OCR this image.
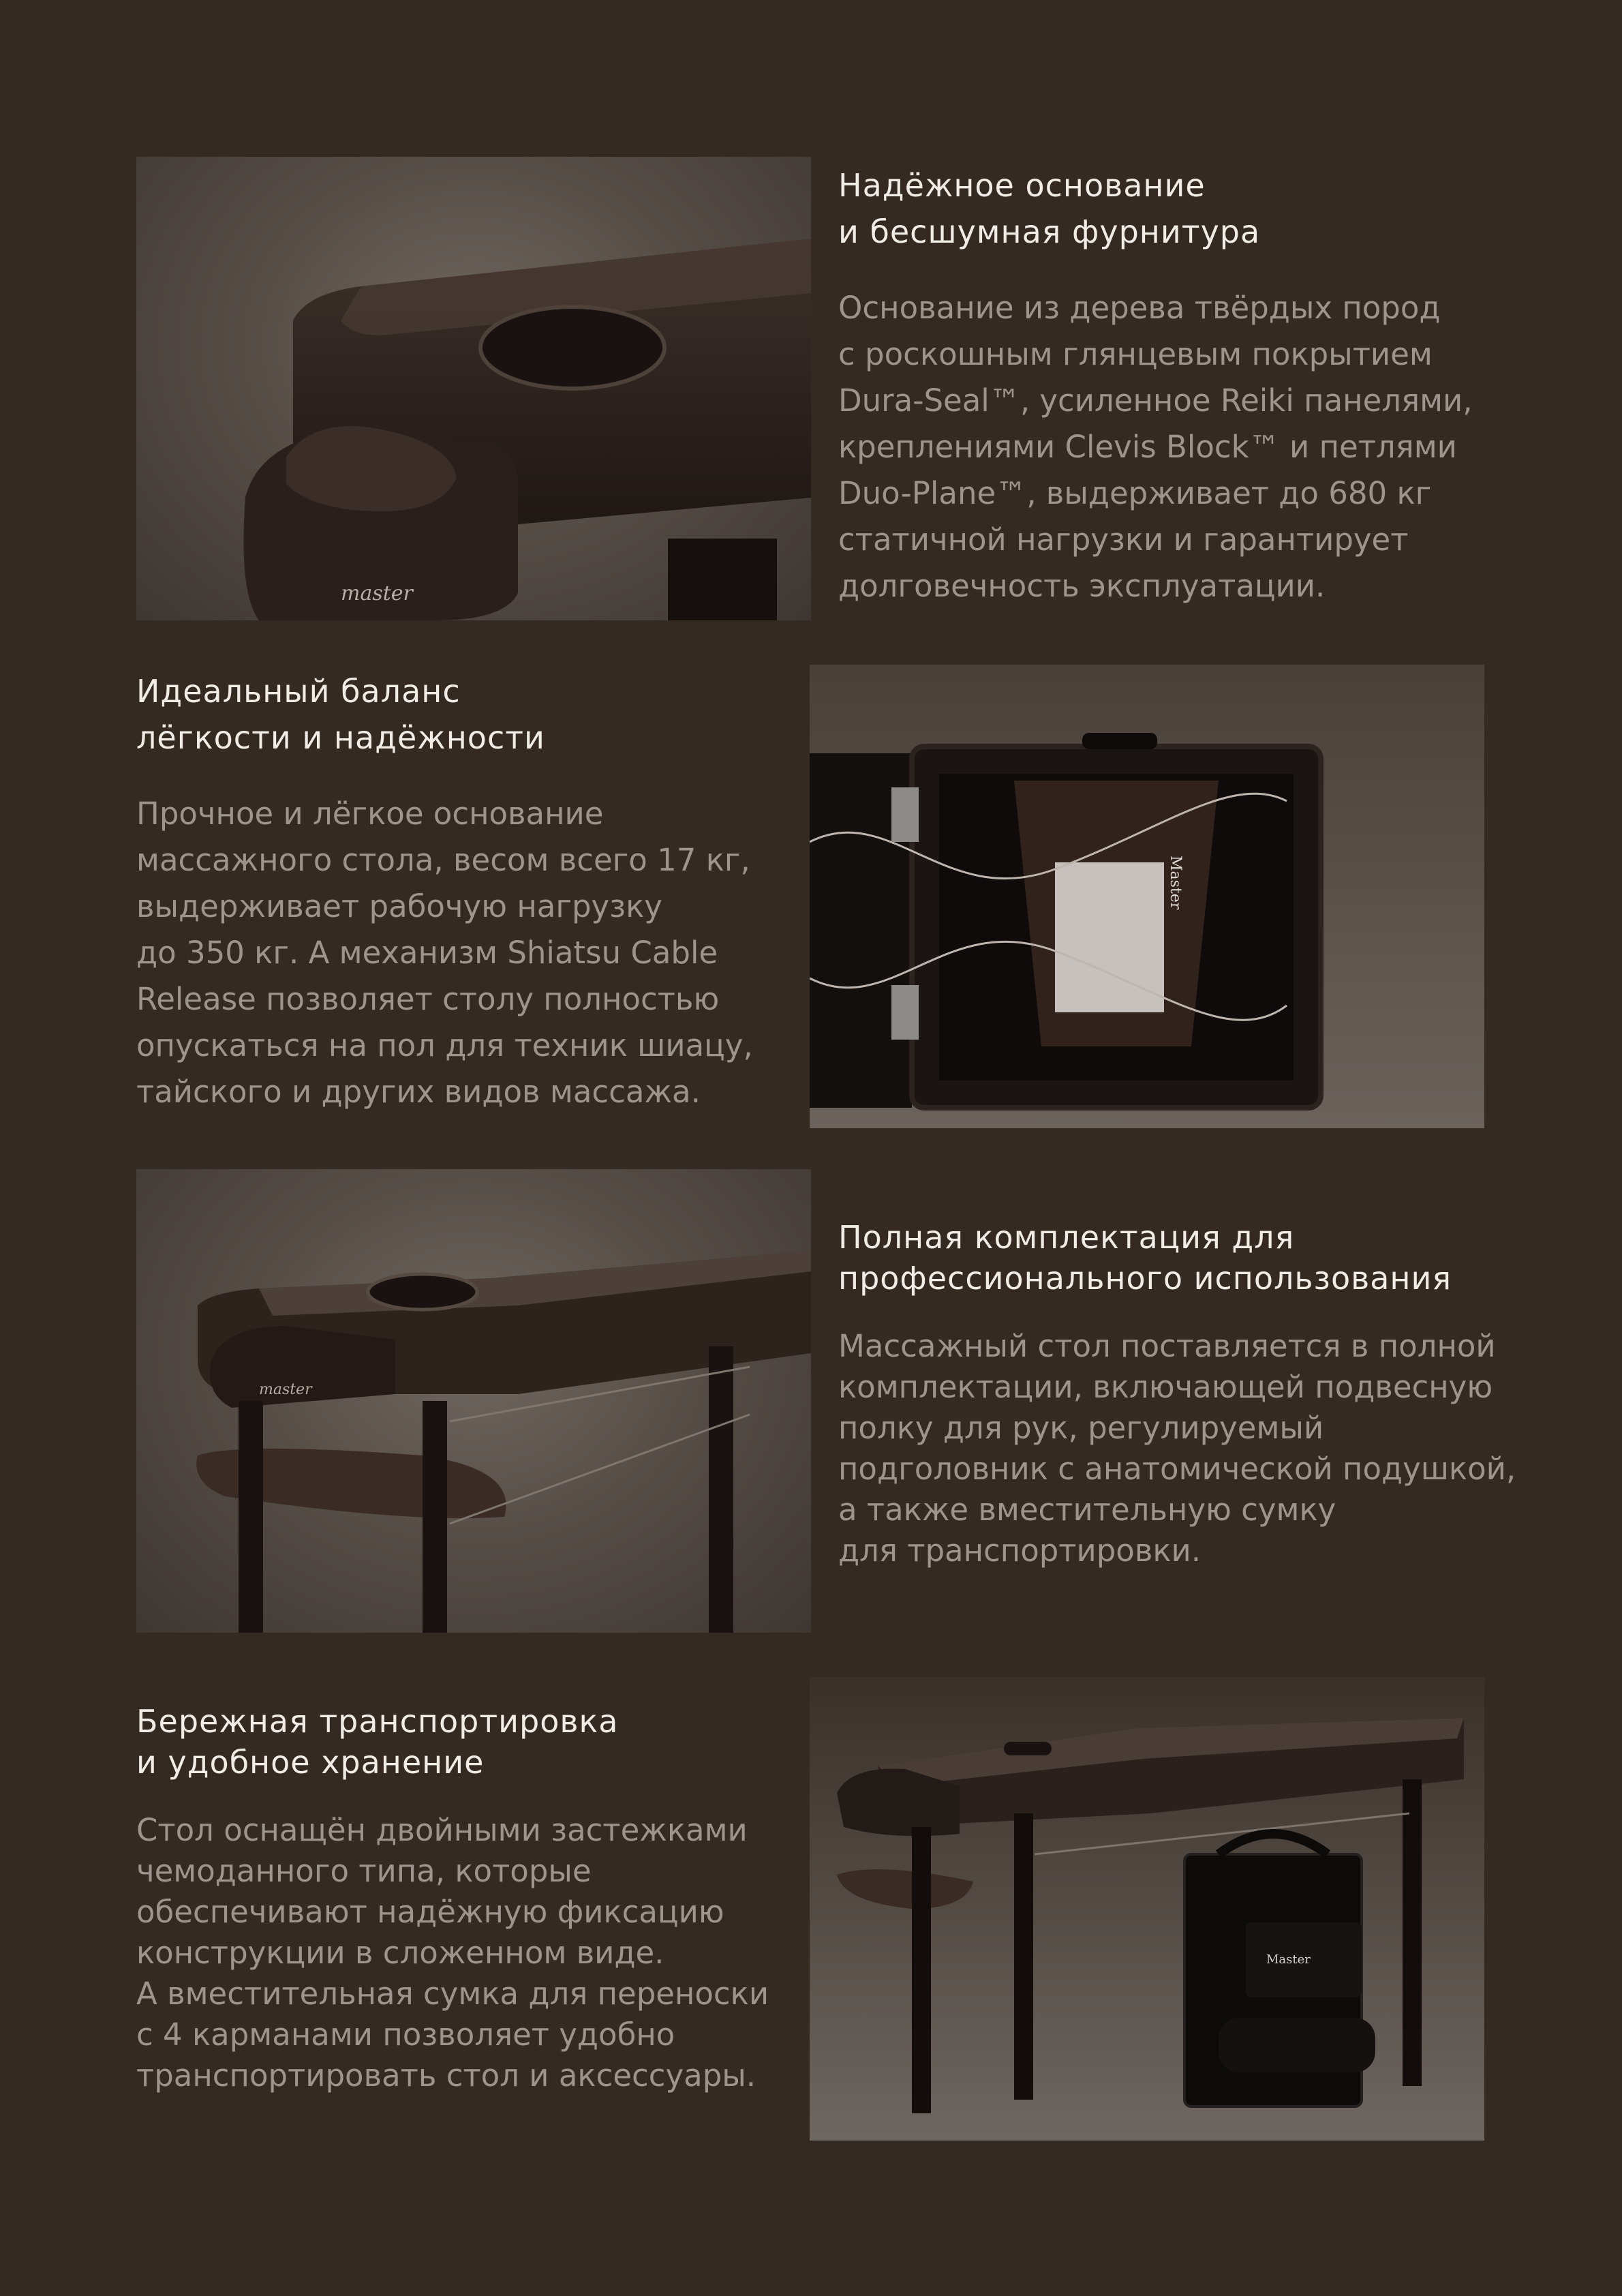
master
Надёжное основание
и бесшумная фурнитура

Основание из дерева твёрдых пород
с роскошным глянцевым покрытием
Dura-Seal™, усиленное Reiki панелями,
креплениями Clevis Block™ и петлями
Duo-Plane™, выдерживает до 680 кг
статичной нагрузки и гарантирует
долговечность эксплуатации.

Идеальный баланс
лёгкости и надёжности

Прочное и лёгкое основание
массажного стола, весом всего 17 кг,
выдерживает рабочую нагрузку
до 350 кг. А механизм Shiatsu Cable
Release позволяет столу полностью
опускаться на пол для техник шиацу,
тайского и других видов массажа.

Master
master
Полная комплектация для
профессионального использования

Массажный стол поставляется в полной
комплектации, включающей подвесную
полку для рук, регулируемый
подголовник с анатомической подушкой,
а также вместительную сумку
для транспортировки.

Бережная транспортировка
и удобное хранение

Стол оснащён двойными застежками
чемоданного типа, которые
обеспечивают надёжную фиксацию
конструкции в сложенном виде.
А вместительная сумка для переноски
с 4 карманами позволяет удобно
транспортировать стол и аксессуары.

Master
